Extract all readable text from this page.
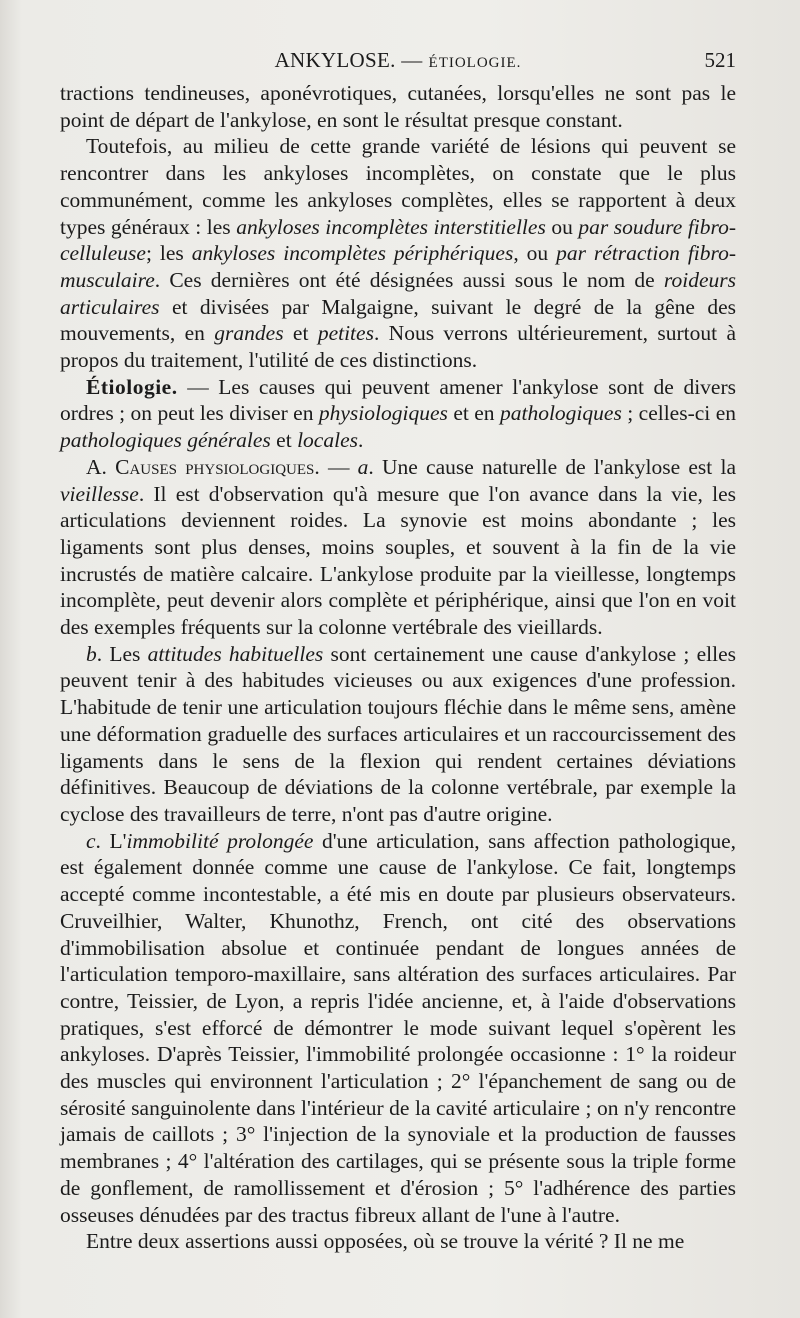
ANKYLOSE. — ÉTIOLOGIE.	521

tractions tendineuses, aponévrotiques, cutanées, lorsqu'elles ne sont pas le point de départ de l'ankylose, en sont le résultat presque constant.

Toutefois, au milieu de cette grande variété de lésions qui peuvent se rencontrer dans les ankyloses incomplètes, on constate que le plus communément, comme les ankyloses complètes, elles se rapportent à deux types généraux : les ankyloses incomplètes interstitielles ou par soudure fibro-celluleuse; les ankyloses incomplètes périphériques, ou par rétraction fibro-musculaire. Ces dernières ont été désignées aussi sous le nom de roideurs articulaires et divisées par Malgaigne, suivant le degré de la gêne des mouvements, en grandes et petites. Nous verrons ultérieurement, surtout à propos du traitement, l'utilité de ces distinctions.

Étiologie. — Les causes qui peuvent amener l'ankylose sont de divers ordres ; on peut les diviser en physiologiques et en pathologiques ; celles-ci en pathologiques générales et locales.

A. Causes physiologiques. — a. Une cause naturelle de l'ankylose est la vieillesse. Il est d'observation qu'à mesure que l'on avance dans la vie, les articulations deviennent roides. La synovie est moins abondante ; les ligaments sont plus denses, moins souples, et souvent à la fin de la vie incrustés de matière calcaire. L'ankylose produite par la vieillesse, longtemps incomplète, peut devenir alors complète et périphérique, ainsi que l'on en voit des exemples fréquents sur la colonne vertébrale des vieillards.

b. Les attitudes habituelles sont certainement une cause d'ankylose ; elles peuvent tenir à des habitudes vicieuses ou aux exigences d'une profession. L'habitude de tenir une articulation toujours fléchie dans le même sens, amène une déformation graduelle des surfaces articulaires et un raccourcissement des ligaments dans le sens de la flexion qui rendent certaines déviations définitives. Beaucoup de déviations de la colonne vertébrale, par exemple la cyclose des travailleurs de terre, n'ont pas d'autre origine.

c. L'immobilité prolongée d'une articulation, sans affection pathologique, est également donnée comme une cause de l'ankylose. Ce fait, longtemps accepté comme incontestable, a été mis en doute par plusieurs observateurs. Cruveilhier, Walter, Khunothz, French, ont cité des observations d'immobilisation absolue et continuée pendant de longues années de l'articulation temporo-maxillaire, sans altération des surfaces articulaires. Par contre, Teissier, de Lyon, a repris l'idée ancienne, et, à l'aide d'observations pratiques, s'est efforcé de démontrer le mode suivant lequel s'opèrent les ankyloses. D'après Teissier, l'immobilité prolongée occasionne : 1° la roideur des muscles qui environnent l'articulation ; 2° l'épanchement de sang ou de sérosité sanguinolente dans l'intérieur de la cavité articulaire ; on n'y rencontre jamais de caillots ; 3° l'injection de la synoviale et la production de fausses membranes ; 4° l'altération des cartilages, qui se présente sous la triple forme de gonflement, de ramollissement et d'érosion ; 5° l'adhérence des parties osseuses dénudées par des tractus fibreux allant de l'une à l'autre.

Entre deux assertions aussi opposées, où se trouve la vérité ? Il ne me
